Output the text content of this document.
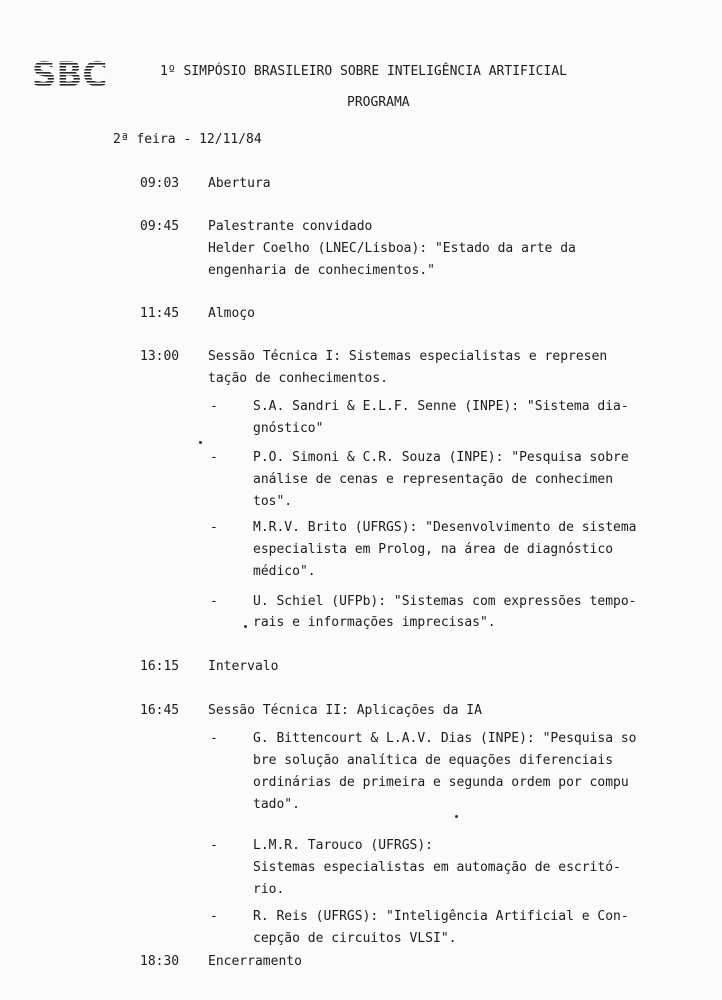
SBC	1º SIMPÓSIO BRASILEIRO SOBRE INTELIGÊNCIA ARTIFICIAL
PROGRAMA
2ª feira - 12/11/84
09:03 Abertura
09:45 Palestrante convidado
Helder Coelho (LNEC/Lisboa): "Estado da arte da
engenharia de conhecimentos."
11:45 Almoço
13:00 Sessão Técnica I: Sistemas especialistas e represen
tação de conhecimentos.
-	S.A. Sandri & E.L.F. Senne (INPE): "Sistema dia-
gnóstico"
-	P.O. Simoni & C.R. Souza (INPE): "Pesquisa sobre
análise de cenas e representação de conhecimen
tos".
-	M.R.V. Brito (UFRGS): "Desenvolvimento de sistema
especialista em Prolog, na área de diagnóstico
médico".
-	U. Schiel (UFPb): "Sistemas com expressões tempo-
rais e informações imprecisas".
16:15 Intervalo
16:45 Sessão Técnica II: Aplicações da IA
-	G. Bittencourt & L.A.V. Dias (INPE): "Pesquisa so
bre solução analítica de equações diferenciais
ordinárias de primeira e segunda ordem por compu
tado".
-	L.M.R. Tarouco (UFRGS):
Sistemas especialistas em automação de escritó-
rio.
-	R. Reis (UFRGS): "Inteligência Artificial e Con-
cepção de circuitos VLSI".
18:30 Encerramento
